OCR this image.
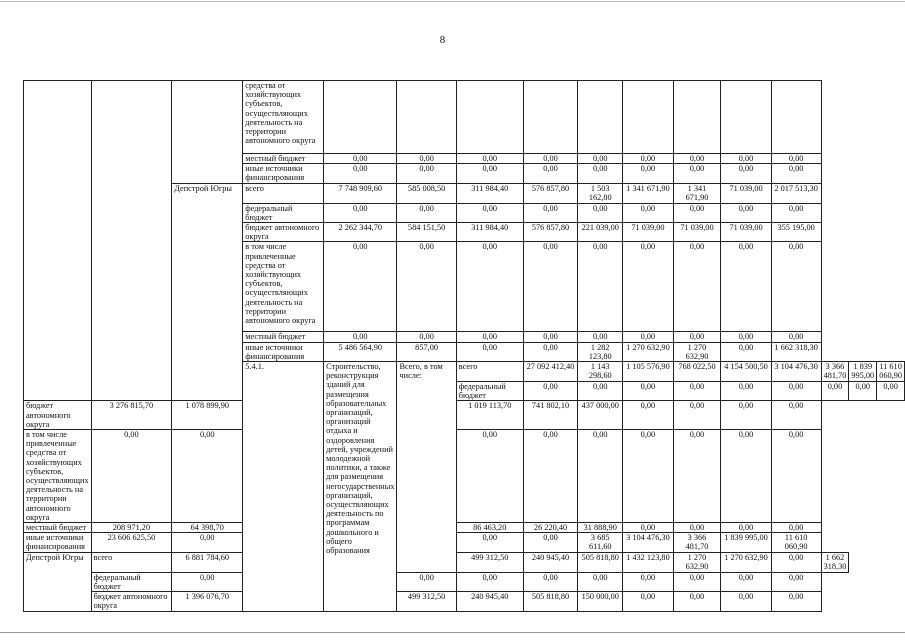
8
			средства от хозяйствующих субъектов, осуществляющих деятельность на территории автономного округа												
			местный бюджет	0,00	0,00	0,00	0,00	0,00	0,00	0,00	0,00	0,00			
			иные источники финансирования	0,00	0,00	0,00	0,00	0,00	0,00	0,00	0,00	0,00			
		Депстрой Югры	всего	7 748 909,60	585 008,50	311 984,40	576 857,80	1 503 162,80	1 341 671,90	1 341 671,90	71 039,00	2 017 513,30			
			федеральный бюджет	0,00	0,00	0,00	0,00	0,00	0,00	0,00	0,00	0,00			
			бюджет автономного округа	2 262 344,70	584 151,50	311 984,40	576 857,80	221 039,00	71 039,00	71 039,00	71 039,00	355 195,00			
			в том числе привлеченные средства от хозяйствующих субъектов, осуществляющих деятельность на территории автономного округа	0,00	0,00	0,00	0,00	0,00	0,00	0,00	0,00	0,00			
			местный бюджет	0,00	0,00	0,00	0,00	0,00	0,00	0,00	0,00	0,00			
			иные источники финансирования	5 486 564,90	857,00	0,00	0,00	1 282 123,80	1 270 632,90	1 270 632,90	0,00	1 662 318,30			
			5.4.1.	Строительство, реконструкция зданий для размещения образовательных организаций, организаций отдыха и оздоровления детей, учреждений молодежной политики, а также для размещения негосударственных организаций, осуществляющих деятельность по программам дошкольного и общего образования	Всего, в том числе:	всего	27 092 412,40	1 143 298,60	1 105 576,90	768 022,50	4 154 500,50	3 104 476,30	3 366 481,70	1 839 995,00	11 610 060,90
						федеральный бюджет	0,00	0,00	0,00	0,00	0,00	0,00	0,00	0,00	0,00
бюджет автономного округа	3 276 815,70	1 078 899,90				1 019 113,70	741 802,10	437 000,00	0,00	0,00	0,00	0,00			
в том числе привлеченные средства от хозяйствующих субъектов, осуществляющих деятельность на территории автономного округа	0,00	0,00				0,00	0,00	0,00	0,00	0,00	0,00	0,00			
местный бюджет	208 971,20	64 398,70				86 463,20	26 220,40	31 888,90	0,00	0,00	0,00	0,00			
иные источники финансирования	23 606 625,50	0,00				0,00	0,00	3 685 611,60	3 104 476,30	3 366 481,70	1 839 995,00	11 610 060,90			
Депстрой Югры	всего	6 881 784,60				499 312,50	240 945,40	505 818,80	1 432 123,80	1 270 632,90	1 270 632,90	0,00	1 662 318,30		
	федеральный бюджет	0,00			0,00	0,00	0,00	0,00	0,00	0,00	0,00	0,00			
	бюджет автономного округа	1 396 076,70			499 312,50	240 945,40	505 818,80	150 000,00	0,00	0,00	0,00	0,00			
